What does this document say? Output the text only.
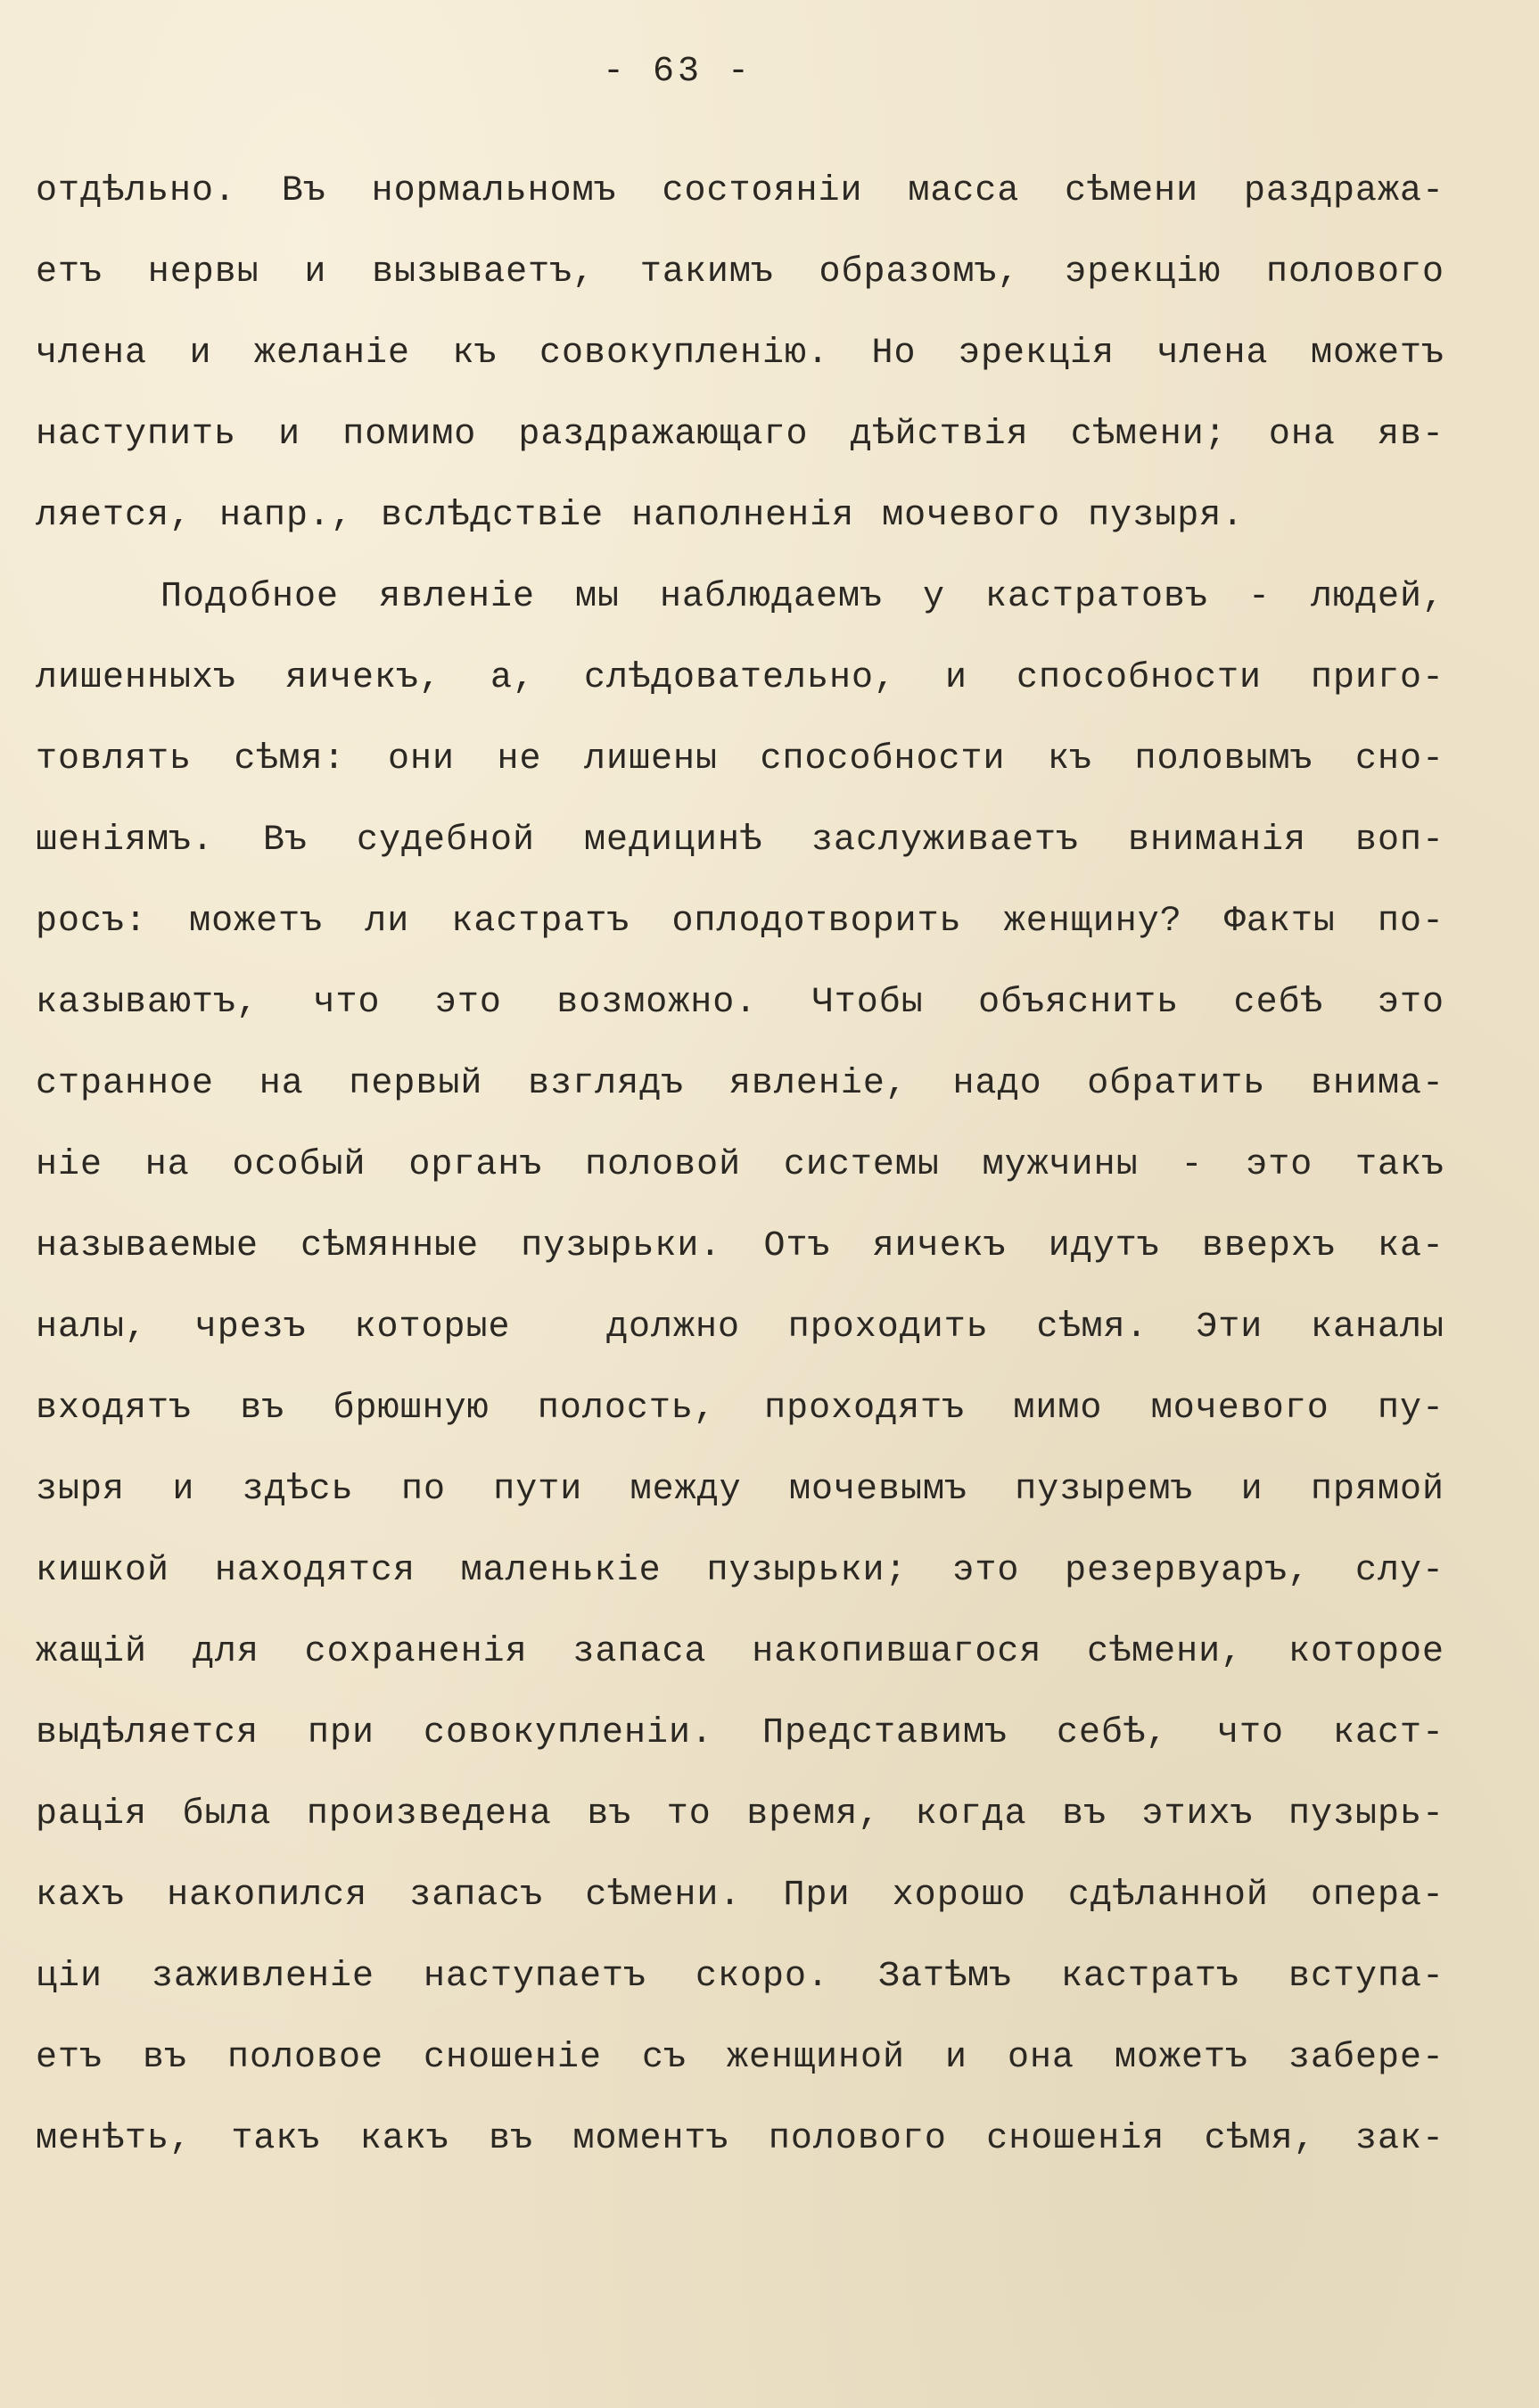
- 63 -
отдѣльно. Въ нормальномъ состояніи масса сѣмени раздража-
етъ нервы и вызываетъ, такимъ образомъ, эрекцію полового
члена и желаніе къ совокупленію. Но эрекція члена можетъ
наступить и помимо раздражающаго дѣйствія сѣмени; она яв-
ляется, напр., вслѣдствіе наполненія мочевого пузыря.
Подобное явленіе мы наблюдаемъ у кастратовъ - людей,
лишенныхъ яичекъ, а, слѣдовательно, и способности приго-
товлять сѣмя: они не лишены способности къ половымъ сно-
шеніямъ. Въ судебной медицинѣ заслуживаетъ вниманія воп-
росъ: можетъ ли кастратъ оплодотворить женщину? Факты по-
казываютъ, что это возможно. Чтобы объяснить себѣ это
странное на первый взглядъ явленіе, надо обратить внима-
ніе на особый органъ половой системы мужчины - это такъ
называемые сѣмянные пузырьки. Отъ яичекъ идутъ вверхъ ка-
налы, чрезъ которые  должно проходить сѣмя. Эти каналы
входятъ въ брюшную полость, проходятъ мимо мочевого пу-
зыря и здѣсь по пути между мочевымъ пузыремъ и прямой
кишкой находятся маленькіе пузырьки; это резервуаръ, слу-
жащій для сохраненія запаса накопившагося сѣмени, которое
выдѣляется при совокупленіи. Представимъ себѣ, что каст-
рація была произведена въ то время, когда въ этихъ пузырь-
кахъ накопился запасъ сѣмени. При хорошо сдѣланной опера-
ціи заживленіе наступаетъ скоро. Затѣмъ кастратъ вступа-
етъ въ половое сношеніе съ женщиной и она можетъ забере-
менѣть, такъ какъ въ моментъ полового сношенія сѣмя, зак-
